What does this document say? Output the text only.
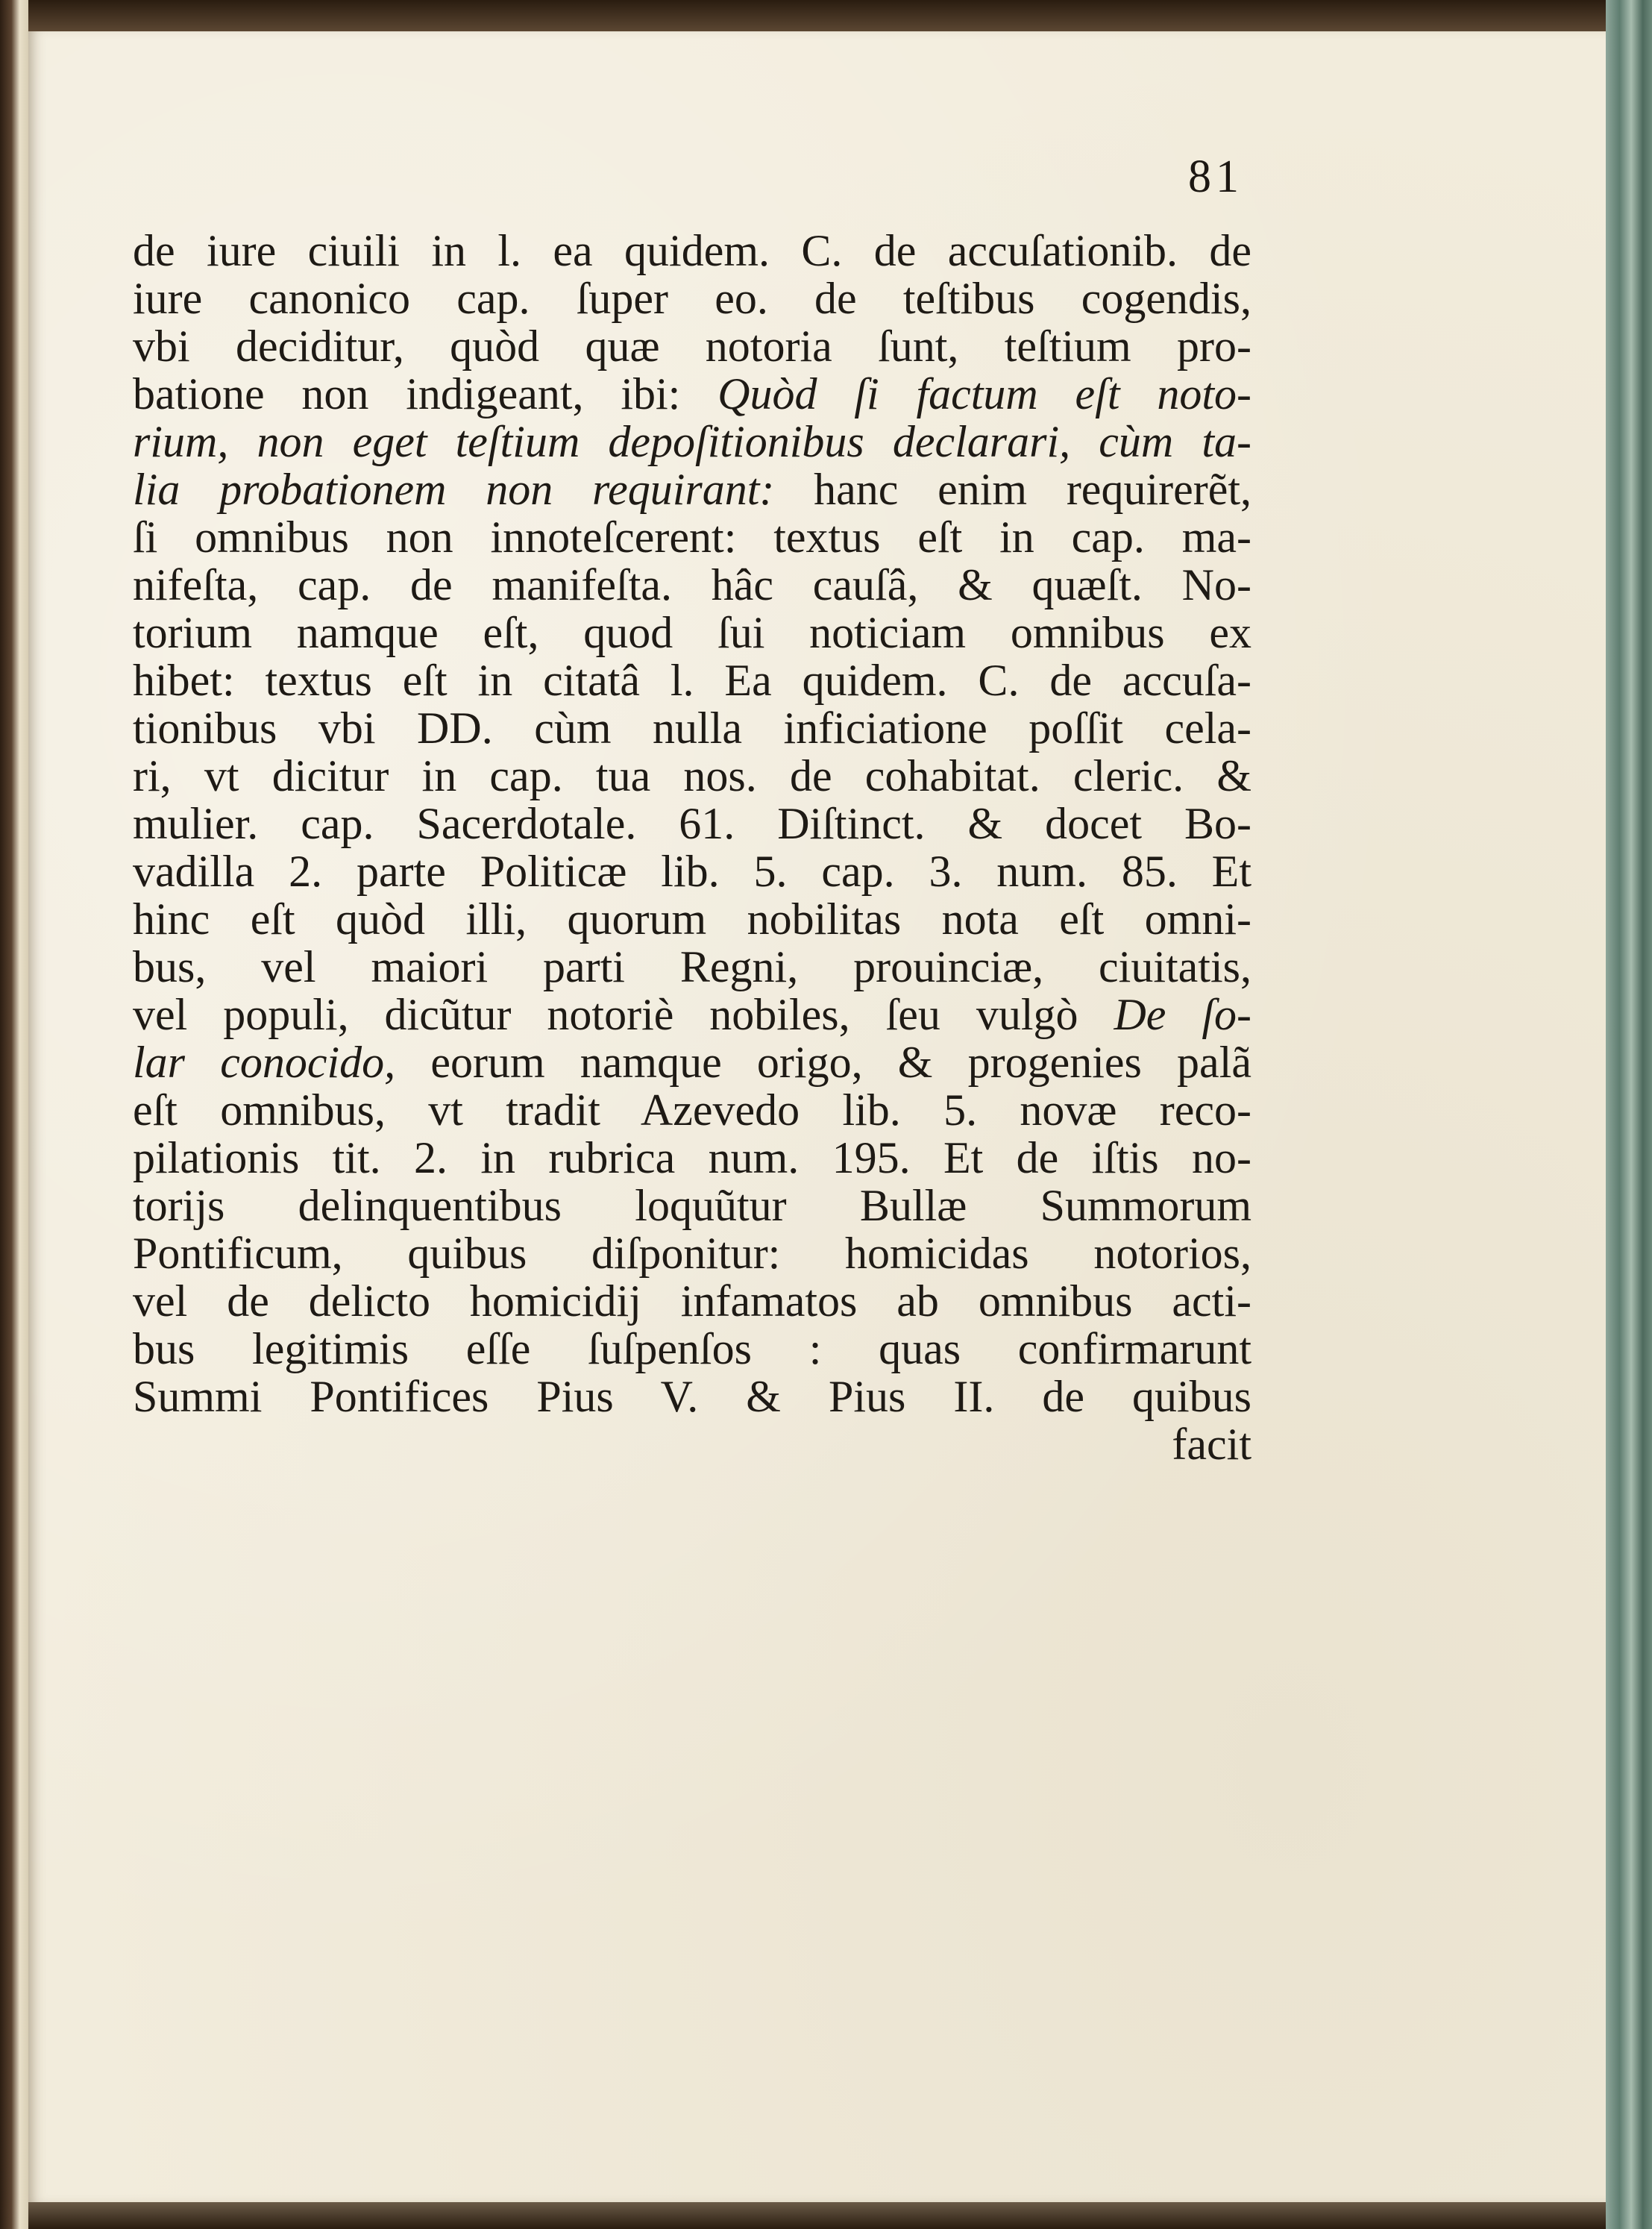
81
de iure ciuili in l. ea quidem. C. de accuſationib. de
iure canonico cap. ſuper eo. de teſtibus cogendis,
vbi deciditur, quòd quæ notoria ſunt, teſtium pro-
batione non indigeant, ibi: Quòd ſi factum eſt noto-
rium, non eget teſtium depoſitionibus declarari, cùm ta-
lia probationem non requirant: hanc enim requirerẽt,
ſi omnibus non innoteſcerent: textus eſt in cap. ma-
nifeſta, cap. de manifeſta. hâc cauſâ, & quæſt. No-
torium namque eſt, quod ſui noticiam omnibus ex
hibet: textus eſt in citatâ l. Ea quidem. C. de accuſa-
tionibus vbi DD. cùm nulla inficiatione poſſit cela-
ri, vt dicitur in cap. tua nos. de cohabitat. cleric. &
mulier. cap. Sacerdotale. 61. Diſtinct. & docet Bo-
vadilla 2. parte Politicæ lib. 5. cap. 3. num. 85. Et
hinc eſt quòd illi, quorum nobilitas nota eſt omni-
bus, vel maiori parti Regni, prouinciæ, ciuitatis,
vel populi, dicũtur notoriè nobiles, ſeu vulgò De ſo-
lar conocido, eorum namque origo, & progenies palã
eſt omnibus, vt tradit Azevedo lib. 5. novæ reco-
pilationis tit. 2. in rubrica num. 195. Et de iſtis no-
torijs delinquentibus loquũtur Bullæ Summorum
Pontificum, quibus diſponitur: homicidas notorios,
vel de delicto homicidij infamatos ab omnibus acti-
bus legitimis eſſe ſuſpenſos : quas confirmarunt
Summi Pontifices Pius V. & Pius II. de quibus
facit
